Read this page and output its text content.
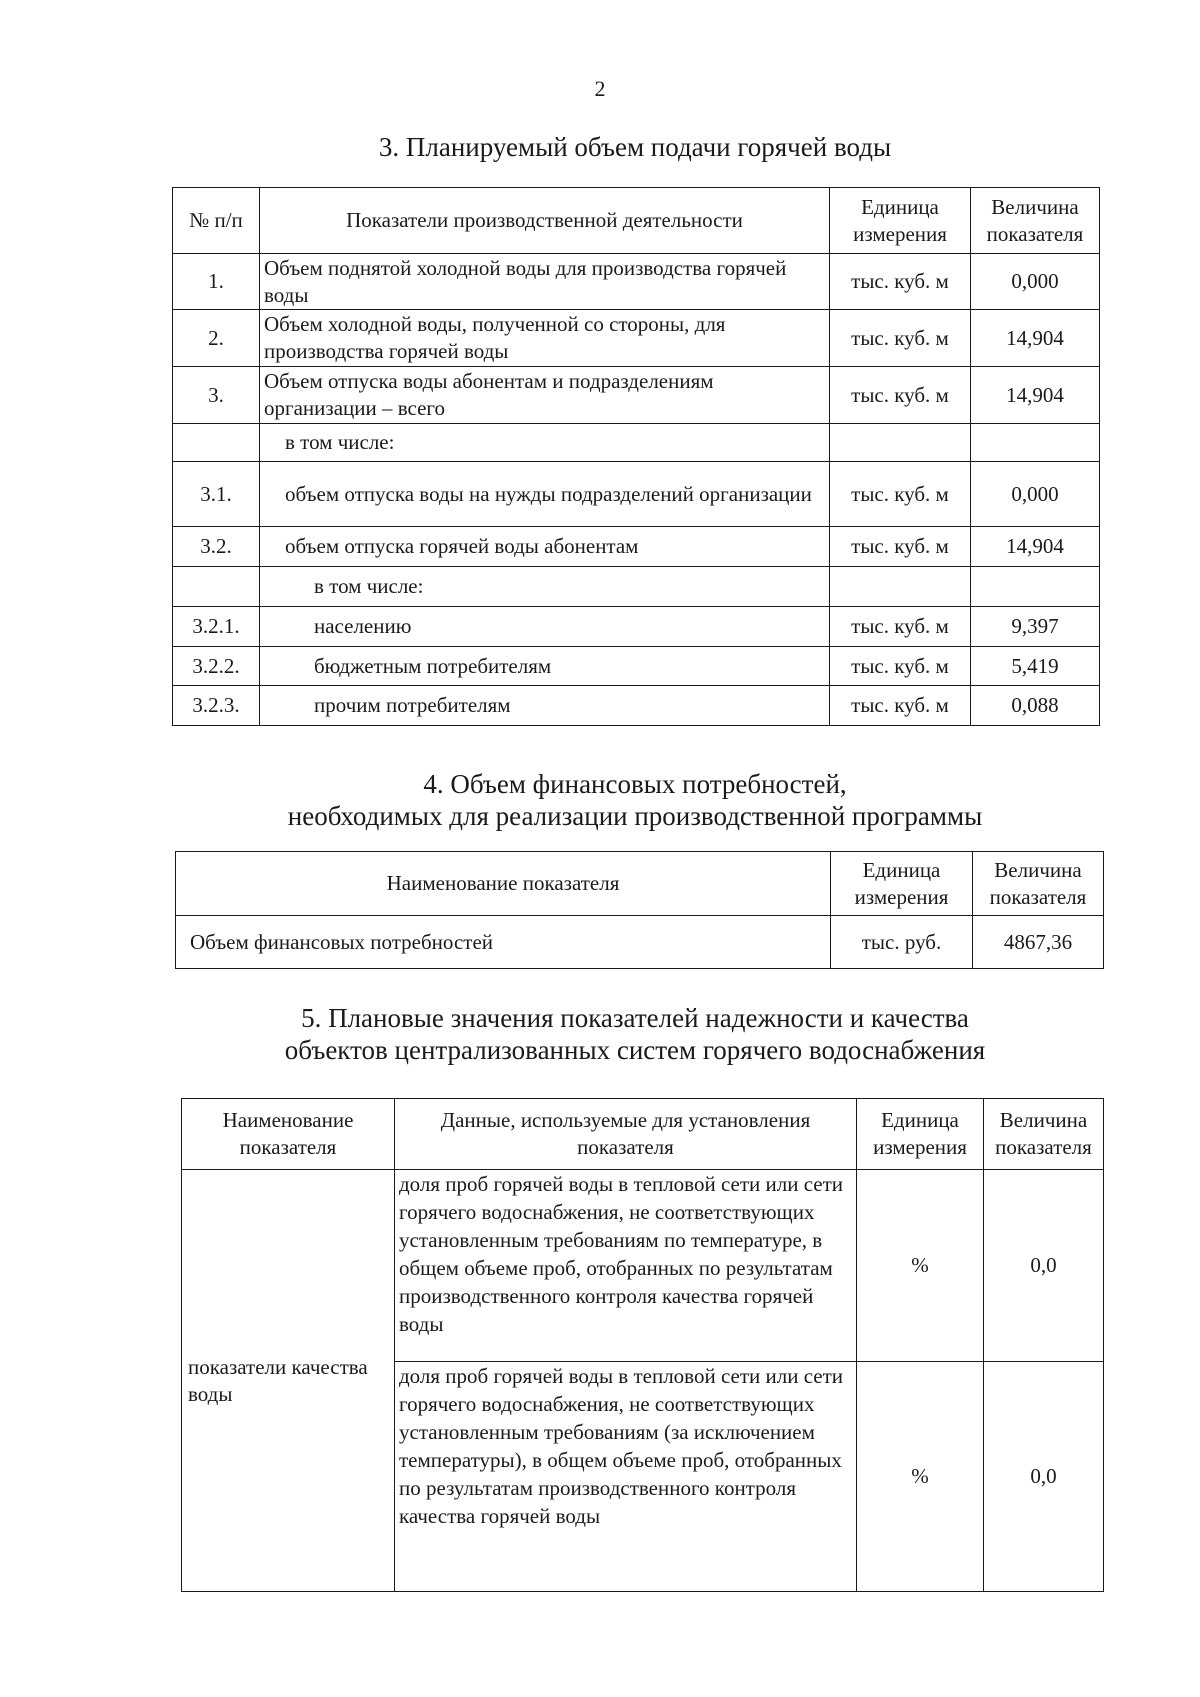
2
3. Планируемый объем подачи горячей воды
№ п/п	Показатели производственной деятельности	Единица измерения	Величина показателя
1.	Объем поднятой холодной воды для производства горячей воды	тыс. куб. м	0,000
2.	Объем холодной воды, полученной со стороны, для производства горячей воды	тыс. куб. м	14,904
3.	Объем отпуска воды абонентам и подразделениям организации – всего	тыс. куб. м	14,904
	в том числе:		
3.1.	объем отпуска воды на нужды подразделений организации	тыс. куб. м	0,000
3.2.	объем отпуска горячей воды абонентам	тыс. куб. м	14,904
	в том числе:		
3.2.1.	населению	тыс. куб. м	9,397
3.2.2.	бюджетным потребителям	тыс. куб. м	5,419
3.2.3.	прочим потребителям	тыс. куб. м	0,088
4. Объем финансовых потребностей,
необходимых для реализации производственной программы
Наименование показателя	Единица измерения	Величина показателя
Объем финансовых потребностей	тыс. руб.	4867,36
5. Плановые значения показателей надежности и качества
объектов централизованных систем горячего водоснабжения
Наименование показателя	Данные, используемые для установления показателя	Единица измерения	Величина показателя
показатели качества воды	доля проб горячей воды в тепловой сети или сети горячего водоснабжения, не соответствующих установленным требованиям по температуре, в общем объеме проб, отобранных по результатам производственного контроля качества горячей воды	%	0,0
	доля проб горячей воды в тепловой сети или сети горячего водоснабжения, не соответствующих установленным требованиям (за исключением температуры), в общем объеме проб, отобранных по результатам производственного контроля качества горячей воды	%	0,0
